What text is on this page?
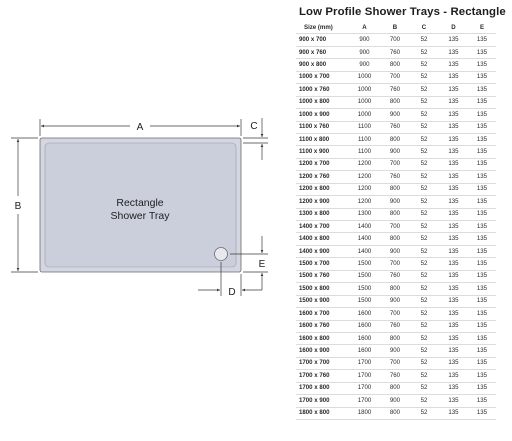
Rectangle
Shower Tray
A
B
C
D
E
Low Profile Shower Trays - Rectangle
Size (mm)	A	B	C	D	E
900 x 700	900	700	52	135	135
900 x 760	900	760	52	135	135
900 x 800	900	800	52	135	135
1000 x 700	1000	700	52	135	135
1000 x 760	1000	760	52	135	135
1000 x 800	1000	800	52	135	135
1000 x 900	1000	900	52	135	135
1100 x 760	1100	760	52	135	135
1100 x 800	1100	800	52	135	135
1100 x 900	1100	900	52	135	135
1200 x 700	1200	700	52	135	135
1200 x 760	1200	760	52	135	135
1200 x 800	1200	800	52	135	135
1200 x 900	1200	900	52	135	135
1300 x 800	1300	800	52	135	135
1400 x 700	1400	700	52	135	135
1400 x 800	1400	800	52	135	135
1400 x 900	1400	900	52	135	135
1500 x 700	1500	700	52	135	135
1500 x 760	1500	760	52	135	135
1500 x 800	1500	800	52	135	135
1500 x 900	1500	900	52	135	135
1600 x 700	1600	700	52	135	135
1600 x 760	1600	760	52	135	135
1600 x 800	1600	800	52	135	135
1600 x 900	1600	900	52	135	135
1700 x 700	1700	700	52	135	135
1700 x 760	1700	760	52	135	135
1700 x 800	1700	800	52	135	135
1700 x 900	1700	900	52	135	135
1800 x 800	1800	800	52	135	135
